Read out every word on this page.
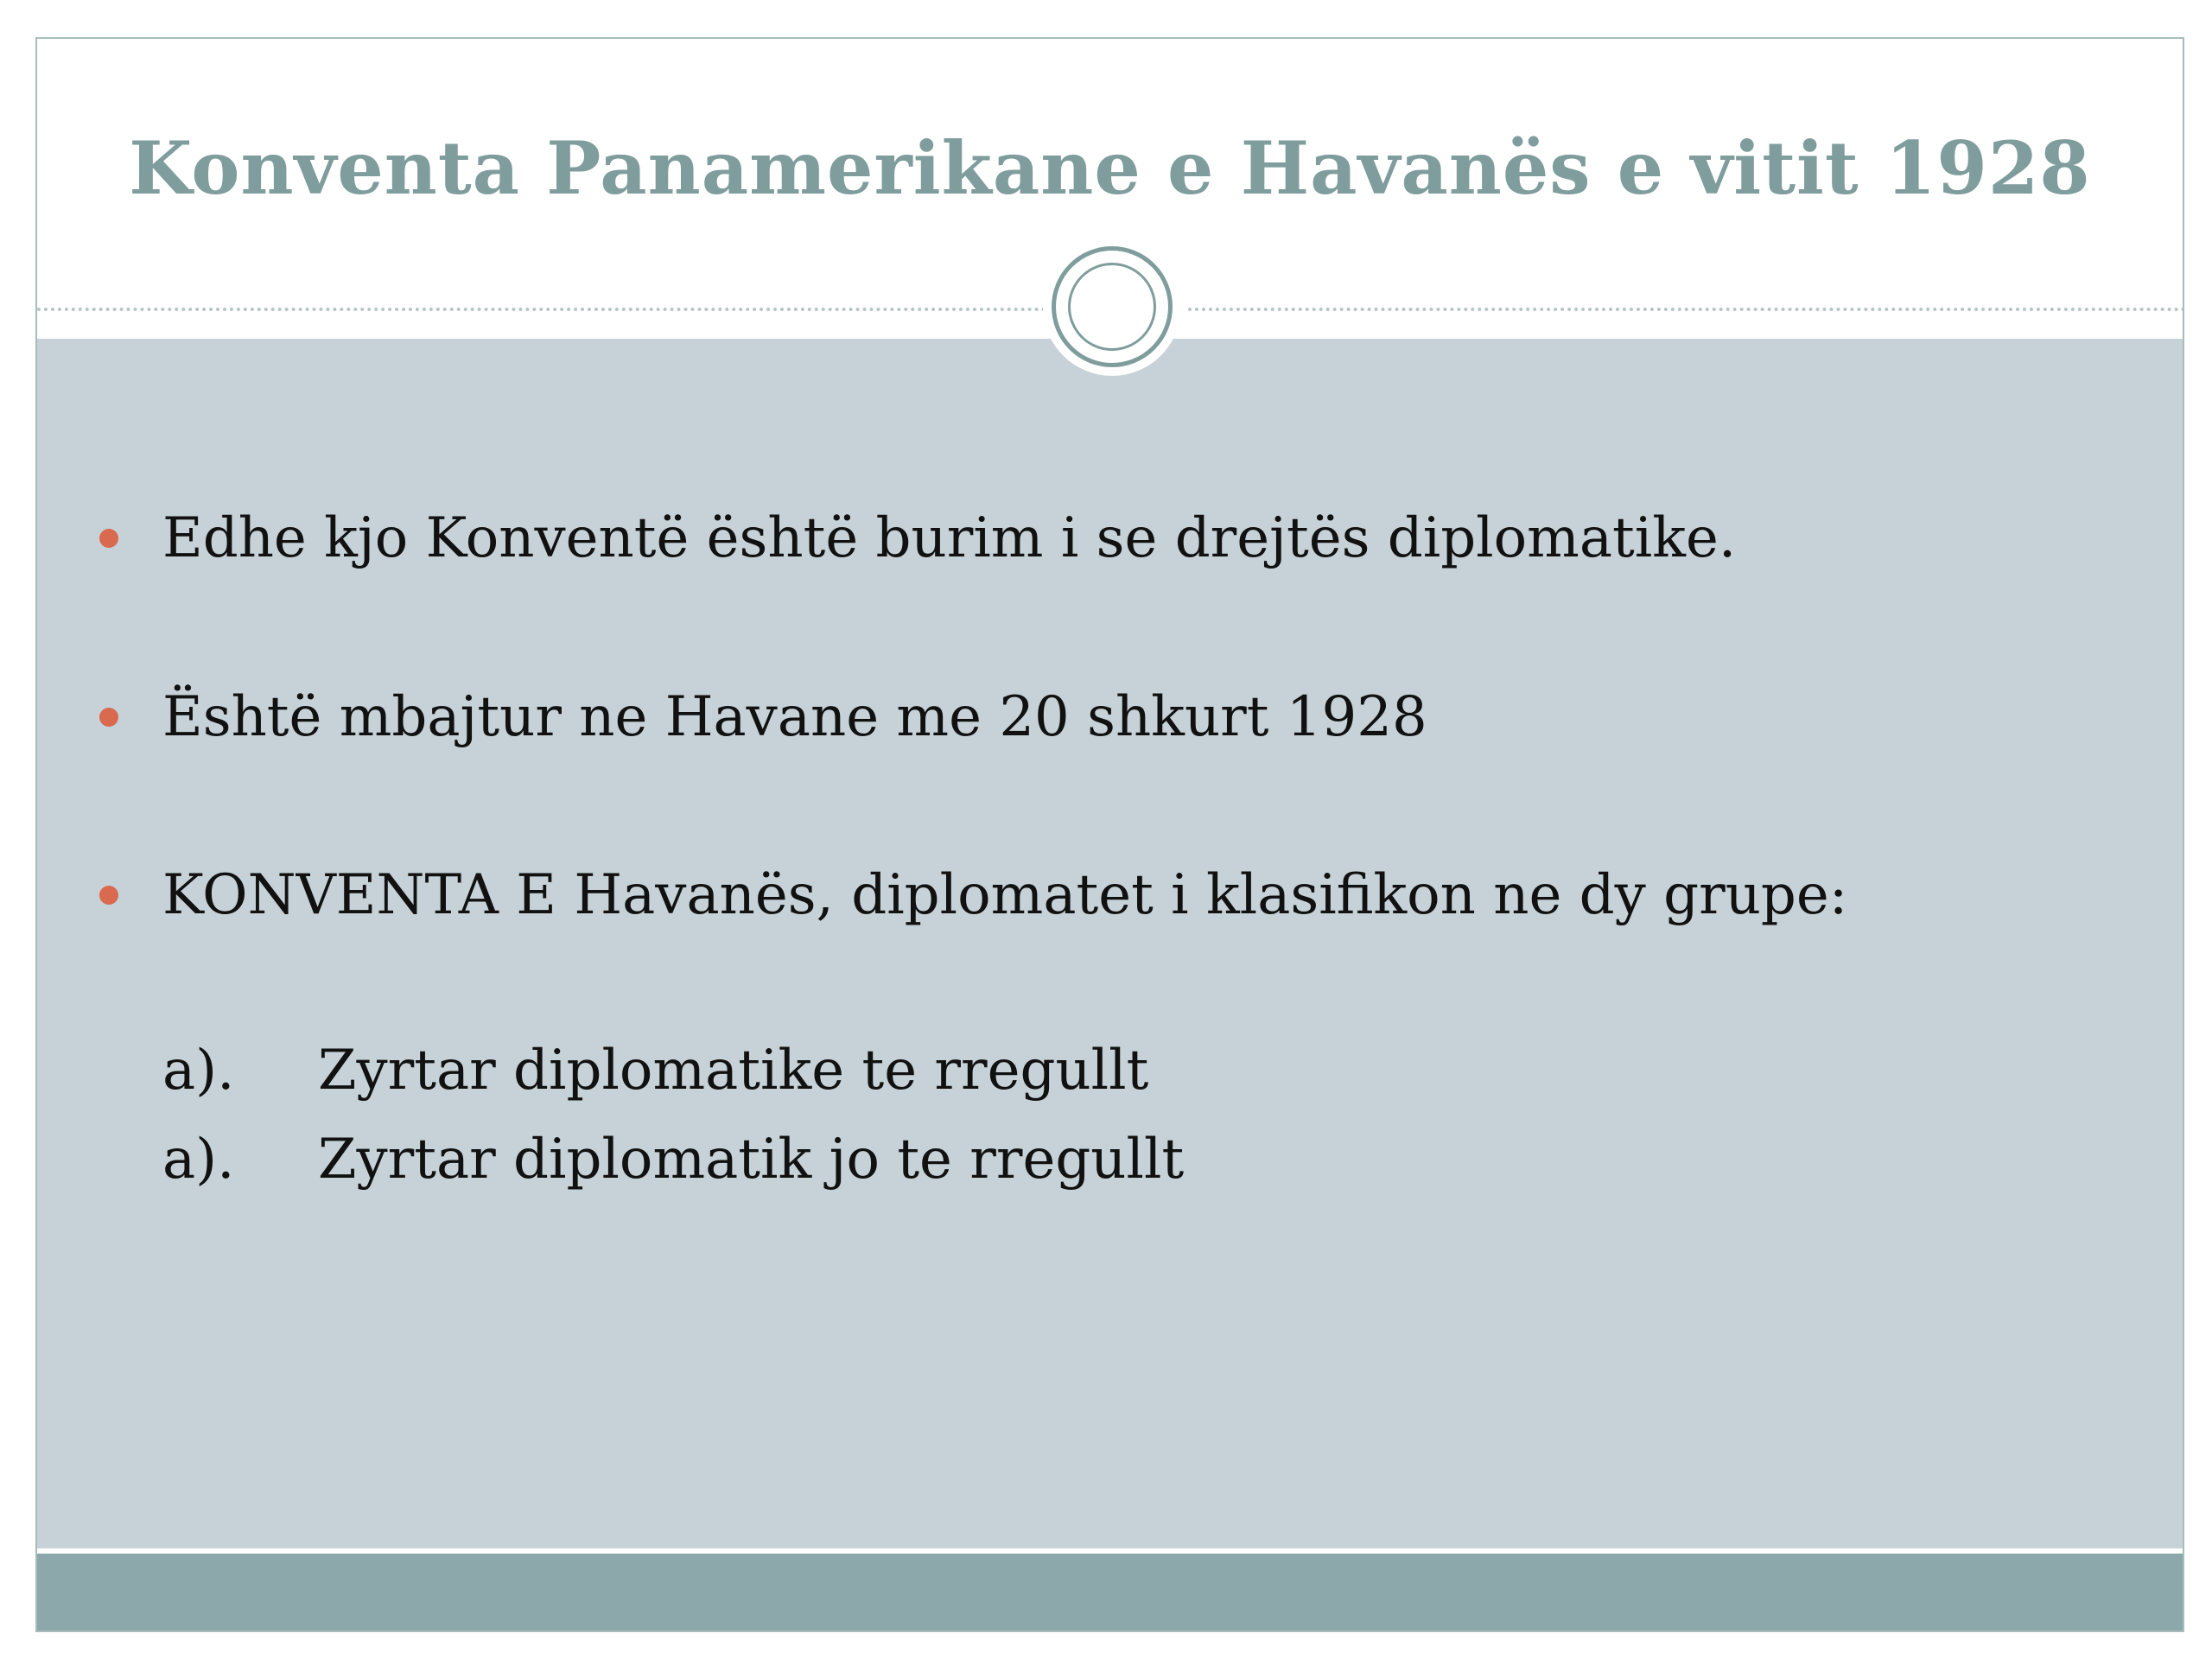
Konventa Panamerikane e Havanës e vitit 1928
Edhe kjo Konventë është burim i se drejtës diplomatike.
Është mbajtur ne Havane me 20 shkurt 1928
KONVENTA E Havanës, diplomatet i klasifikon ne dy grupe:
a). Zyrtar diplomatike te rregullt
a). Zyrtar diplomatik jo te rregullt
